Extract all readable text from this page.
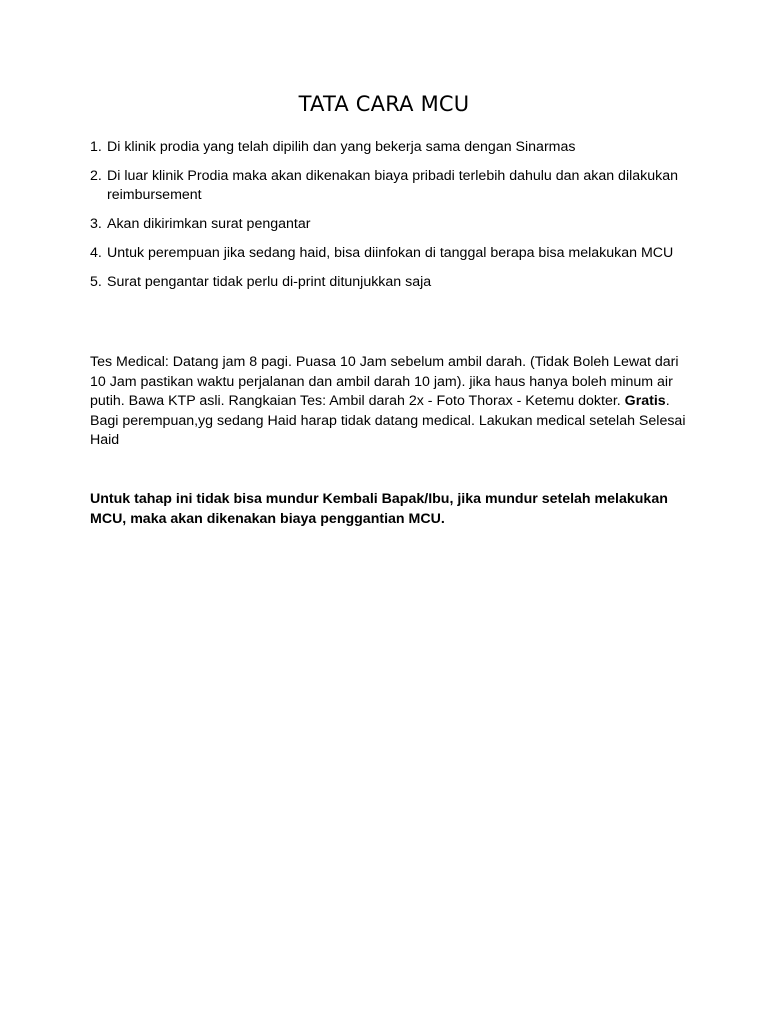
TATA CARA MCU
1. Di klinik prodia yang telah dipilih dan yang bekerja sama dengan Sinarmas
2. Di luar klinik Prodia maka akan dikenakan biaya pribadi terlebih dahulu dan akan dilakukan reimbursement
3. Akan dikirimkan surat pengantar
4. Untuk perempuan jika sedang haid, bisa diinfokan di tanggal berapa bisa melakukan MCU
5. Surat pengantar tidak perlu di-print ditunjukkan saja

Tes Medical: Datang jam 8 pagi. Puasa 10 Jam sebelum ambil darah. (Tidak Boleh Lewat dari 10 Jam pastikan waktu perjalanan dan ambil darah 10 jam). jika haus hanya boleh minum air putih. Bawa KTP asli. Rangkaian Tes: Ambil darah 2x - Foto Thorax - Ketemu dokter. Gratis. Bagi perempuan,yg sedang Haid harap tidak datang medical. Lakukan medical setelah Selesai Haid

Untuk tahap ini tidak bisa mundur Kembali Bapak/Ibu, jika mundur setelah melakukan MCU, maka akan dikenakan biaya penggantian MCU.
